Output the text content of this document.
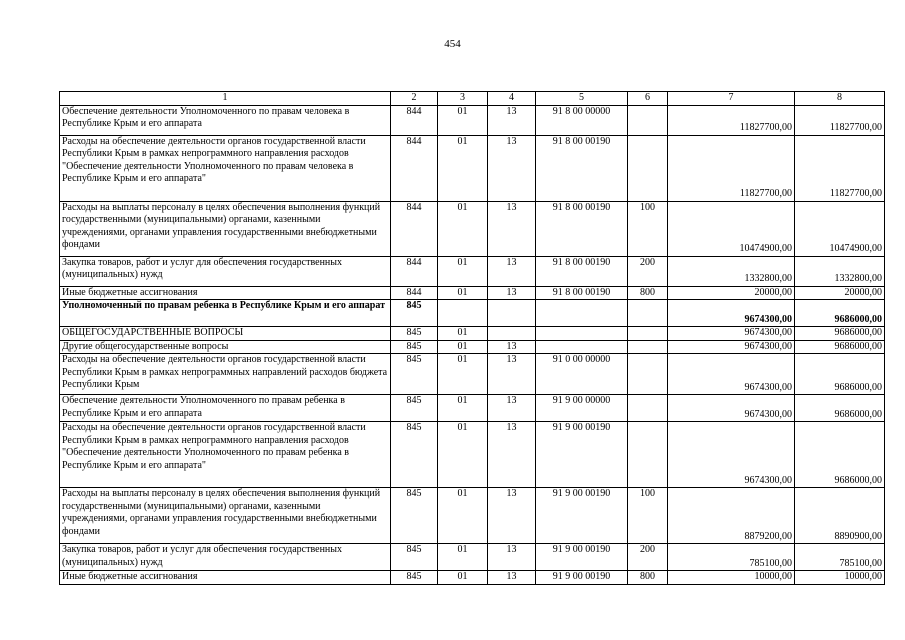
454
1	2	3	4	5	6	7	8
Обеспечение деятельности Уполномоченного по правам человека в Республике Крым и его аппарата	844	01	13	91 8 00 00000		11827700,00	11827700,00
Расходы на обеспечение деятельности органов государственной власти Республики Крым в рамках непрограммного направления расходов "Обеспечение деятельности Уполномоченного по правам человека в Республике Крым и его аппарата"	844	01	13	91 8 00 00190		11827700,00	11827700,00
Расходы на выплаты персоналу в целях обеспечения выполнения функций государственными (муниципальными) органами, казенными учреждениями, органами управления государственными внебюджетными фондами	844	01	13	91 8 00 00190	100	10474900,00	10474900,00
Закупка товаров, работ и услуг для обеспечения государственных (муниципальных) нужд	844	01	13	91 8 00 00190	200	1332800,00	1332800,00
Иные бюджетные ассигнования	844	01	13	91 8 00 00190	800	20000,00	20000,00
Уполномоченный по правам ребенка в Республике Крым и его аппарат	845					9674300,00	9686000,00
ОБЩЕГОСУДАРСТВЕННЫЕ ВОПРОСЫ	845	01				9674300,00	9686000,00
Другие общегосударственные вопросы	845	01	13			9674300,00	9686000,00
Расходы на обеспечение деятельности органов государственной власти Республики Крым в рамках непрограммных направлений расходов бюджета Республики Крым	845	01	13	91 0 00 00000		9674300,00	9686000,00
Обеспечение деятельности Уполномоченного по правам ребенка в Республике Крым и его аппарата	845	01	13	91 9 00 00000		9674300,00	9686000,00
Расходы на обеспечение деятельности органов государственной власти Республики Крым в рамках непрограммного направления расходов "Обеспечение деятельности Уполномоченного по правам ребенка в Республике Крым и его аппарата"	845	01	13	91 9 00 00190		9674300,00	9686000,00
Расходы на выплаты персоналу в целях обеспечения выполнения функций государственными (муниципальными) органами, казенными учреждениями, органами управления государственными внебюджетными фондами	845	01	13	91 9 00 00190	100	8879200,00	8890900,00
Закупка товаров, работ и услуг для обеспечения государственных (муниципальных) нужд	845	01	13	91 9 00 00190	200	785100,00	785100,00
Иные бюджетные ассигнования	845	01	13	91 9 00 00190	800	10000,00	10000,00
